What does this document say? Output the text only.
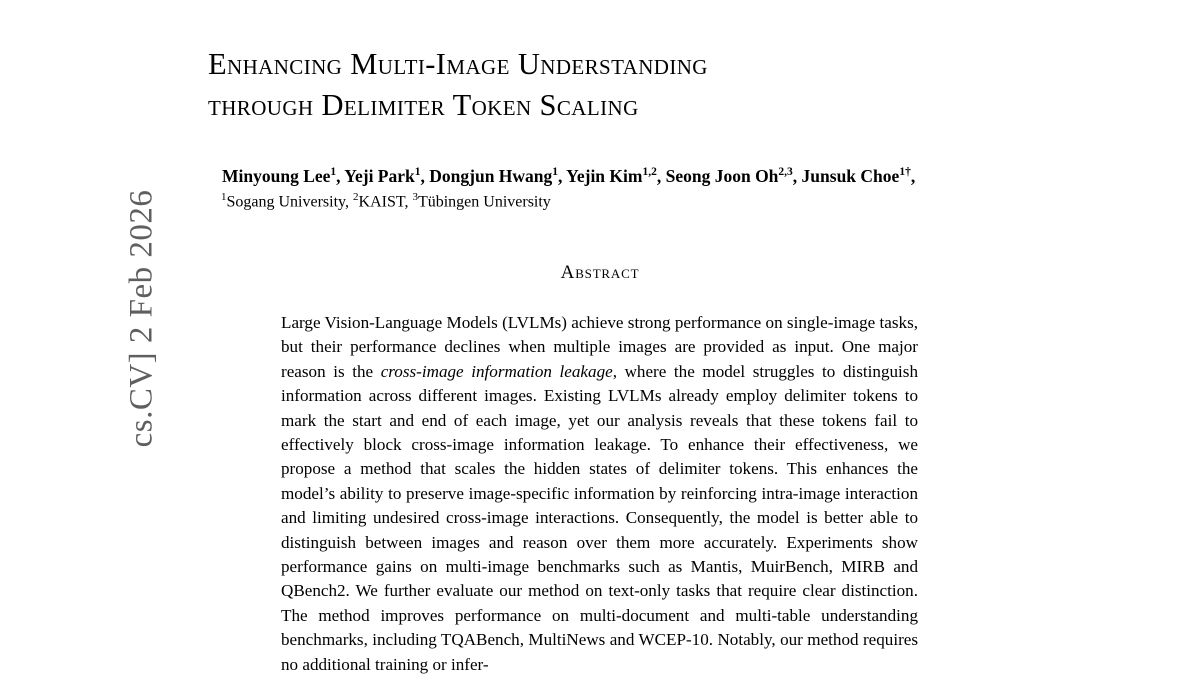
cs.CV] 2 Feb 2026
Enhancing Multi-Image Understanding
through Delimiter Token Scaling
Minyoung Lee$^1$, Yeji Park$^1$, Dongjun Hwang$^1$, Yejin Kim$^{1,2}$, Seong Joon Oh$^{2,3}$, Junsuk Choe$^{1\dagger}$,
$^1$Sogang University, $^2$KAIST, $^3$Tübingen University
Abstract
Large Vision-Language Models (LVLMs) achieve strong performance on single-image tasks, but their performance declines when multiple images are provided as input. One major reason is the cross-image information leakage, where the model struggles to distinguish information across different images. Existing LVLMs already employ delimiter tokens to mark the start and end of each image, yet our analysis reveals that these tokens fail to effectively block cross-image information leakage. To enhance their effectiveness, we propose a method that scales the hidden states of delimiter tokens. This enhances the model’s ability to preserve image-specific information by reinforcing intra-image interaction and limiting undesired cross-image interactions. Consequently, the model is better able to distinguish between images and reason over them more accurately. Experiments show performance gains on multi-image benchmarks such as Mantis, MuirBench, MIRB and QBench2. We further evaluate our method on text-only tasks that require clear distinction. The method improves performance on multi-document and multi-table understanding benchmarks, including TQABench, MultiNews and WCEP-10. Notably, our method requires no additional training or infer-
